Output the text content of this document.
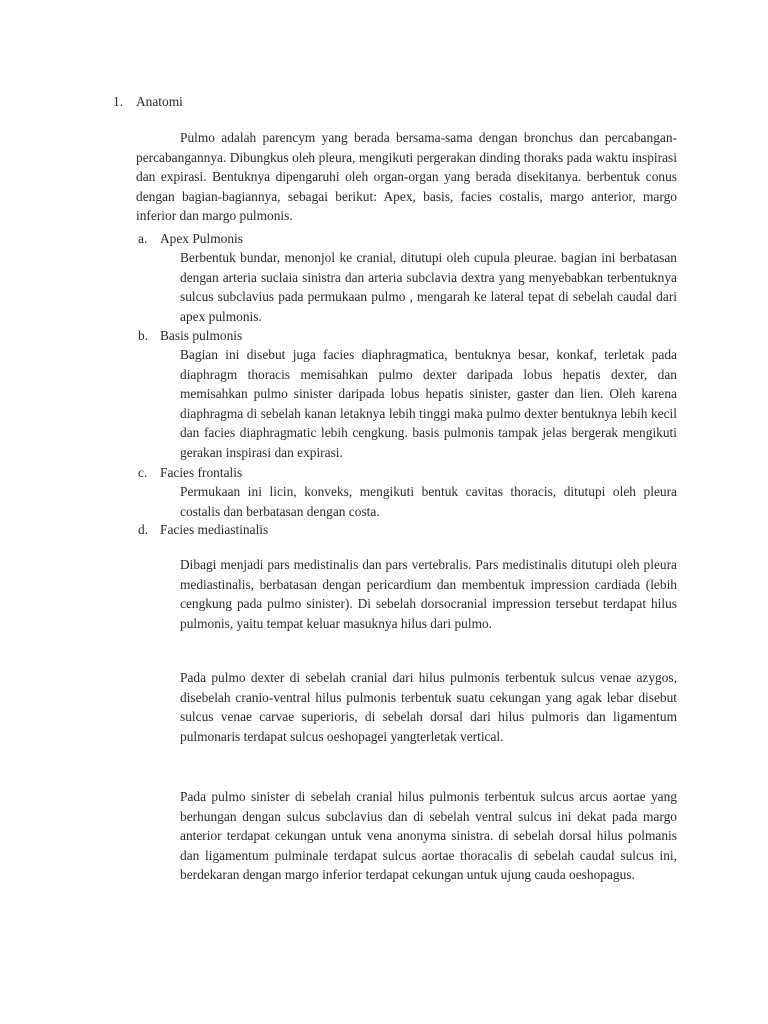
1. Anatomi

Pulmo adalah parencym yang berada bersama-sama dengan bronchus dan percabangan-percabangannya. Dibungkus oleh pleura, mengikuti pergerakan dinding thoraks pada waktu inspirasi dan expirasi. Bentuknya dipengaruhi oleh organ-organ yang berada disekitanya. berbentuk conus dengan bagian-bagiannya, sebagai berikut: Apex, basis, facies costalis, margo anterior, margo inferior dan margo pulmonis.

a. Apex Pulmonis

Berbentuk bundar, menonjol ke cranial, ditutupi oleh cupula pleurae. bagian ini berbatasan dengan arteria suclaia sinistra dan arteria subclavia dextra yang menyebabkan terbentuknya sulcus subclavius pada permukaan pulmo , mengarah ke lateral tepat di sebelah caudal dari apex pulmonis.

b. Basis pulmonis

Bagian ini disebut juga facies diaphragmatica, bentuknya besar, konkaf, terletak pada diaphragm thoracis memisahkan pulmo dexter daripada lobus hepatis dexter, dan memisahkan pulmo sinister daripada lobus hepatis sinister, gaster dan lien. Oleh karena diaphragma di sebelah kanan letaknya lebih tinggi maka pulmo dexter bentuknya lebih kecil dan facies diaphragmatic lebih cengkung. basis pulmonis tampak jelas bergerak mengikuti gerakan inspirasi dan expirasi.

c. Facies frontalis

Permukaan ini licin, konveks, mengikuti bentuk cavitas thoracis, ditutupi oleh pleura costalis dan berbatasan dengan costa.

d. Facies mediastinalis

Dibagi menjadi pars medistinalis dan pars vertebralis. Pars medistinalis ditutupi oleh pleura mediastinalis, berbatasan dengan pericardium dan membentuk impression cardiada (lebih cengkung pada pulmo sinister). Di sebelah dorsocranial impression tersebut terdapat hilus pulmonis, yaitu tempat keluar masuknya hilus dari pulmo.

Pada pulmo dexter di sebelah cranial dari hilus pulmonis terbentuk sulcus venae azygos, disebelah cranio-ventral hilus pulmonis terbentuk suatu cekungan yang agak lebar disebut sulcus venae carvae superioris, di sebelah dorsal dari hilus pulmoris dan ligamentum pulmonaris terdapat sulcus oeshopagei yangterletak vertical.

Pada pulmo sinister di sebelah cranial hilus pulmonis terbentuk sulcus arcus aortae yang berhungan dengan sulcus subclavius dan di sebelah ventral sulcus ini dekat pada margo anterior terdapat cekungan untuk vena anonyma sinistra. di sebelah dorsal hilus polmanis dan ligamentum pulminale terdapat sulcus aortae thoracalis di sebelah caudal sulcus ini, berdekaran dengan margo inferior terdapat cekungan untuk ujung cauda oeshopagus.
